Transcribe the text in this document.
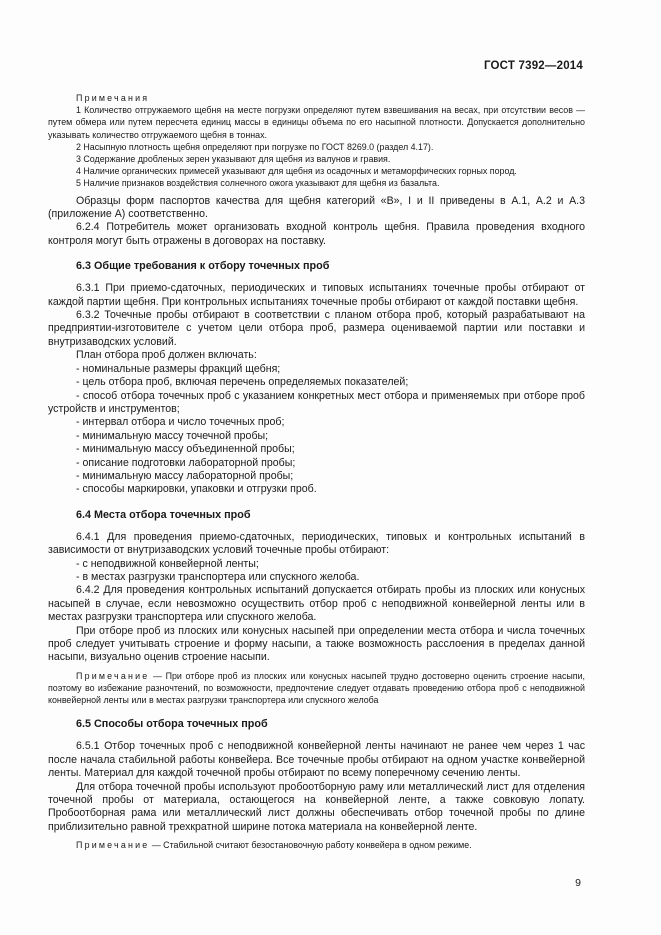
ГОСТ 7392—2014

Примечания

1 Количество отгружаемого щебня на месте погрузки определяют путем взвешивания на весах, при отсутствии весов — путем обмера или путем пересчета единиц массы в единицы объема по его насыпной плотности. Допускается дополнительно указывать количество отгружаемого щебня в тоннах.

2 Насыпную плотность щебня определяют при погрузке по ГОСТ 8269.0 (раздел 4.17).

3 Содержание дробленых зерен указывают для щебня из валунов и гравия.

4 Наличие органических примесей указывают для щебня из осадочных и метаморфических горных пород.

5 Наличие признаков воздействия солнечного ожога указывают для щебня из базальта.

Образцы форм паспортов качества для щебня категорий «В», I и II приведены в А.1, А.2 и А.3 (приложение А) соответственно.

6.2.4 Потребитель может организовать входной контроль щебня. Правила проведения входного контроля могут быть отражены в договорах на поставку.

6.3 Общие требования к отбору точечных проб

6.3.1 При приемо-сдаточных, периодических и типовых испытаниях точечные пробы отбирают от каждой партии щебня. При контрольных испытаниях точечные пробы отбирают от каждой поставки щебня.

6.3.2 Точечные пробы отбирают в соответствии с планом отбора проб, который разрабатывают на предприятии-изготовителе с учетом цели отбора проб, размера оцениваемой партии или поставки и внутризаводских условий.

План отбора проб должен включать:

- номинальные размеры фракций щебня;

- цель отбора проб, включая перечень определяемых показателей;

- способ отбора точечных проб с указанием конкретных мест отбора и применяемых при отборе проб устройств и инструментов;

- интервал отбора и число точечных проб;

- минимальную массу точечной пробы;

- минимальную массу объединенной пробы;

- описание подготовки лабораторной пробы;

- минимальную массу лабораторной пробы;

- способы маркировки, упаковки и отгрузки проб.

6.4 Места отбора точечных проб

6.4.1 Для проведения приемо-сдаточных, периодических, типовых и контрольных испытаний в зависимости от внутризаводских условий точечные пробы отбирают:

- с неподвижной конвейерной ленты;

- в местах разгрузки транспортера или спускного желоба.

6.4.2 Для проведения контрольных испытаний допускается отбирать пробы из плоских или конусных насыпей в случае, если невозможно осуществить отбор проб с неподвижной конвейерной ленты или в местах разгрузки транспортера или спускного желоба.

При отборе проб из плоских или конусных насыпей при определении места отбора и числа точечных проб следует учитывать строение и форму насыпи, а также возможность расслоения в пределах данной насыпи, визуально оценив строение насыпи.

Примечание — При отборе проб из плоских или конусных насыпей трудно достоверно оценить строение насыпи, поэтому во избежание разночтений, по возможности, предпочтение следует отдавать проведению отбора проб с неподвижной конвейерной ленты или в местах разгрузки транспортера или спускного желоба

6.5 Способы отбора точечных проб

6.5.1 Отбор точечных проб с неподвижной конвейерной ленты начинают не ранее чем через 1 час после начала стабильной работы конвейера. Все точечные пробы отбирают на одном участке конвейерной ленты. Материал для каждой точечной пробы отбирают по всему поперечному сечению ленты.

Для отбора точечной пробы используют пробоотборную раму или металлический лист для отделения точечной пробы от материала, остающегося на конвейерной ленте, а также совковую лопату. Пробоотборная рама или металлический лист должны обеспечивать отбор точечной пробы по длине приблизительно равной трехкратной ширине потока материала на конвейерной ленте.

Примечание — Стабильной считают безостановочную работу конвейера в одном режиме.

9
